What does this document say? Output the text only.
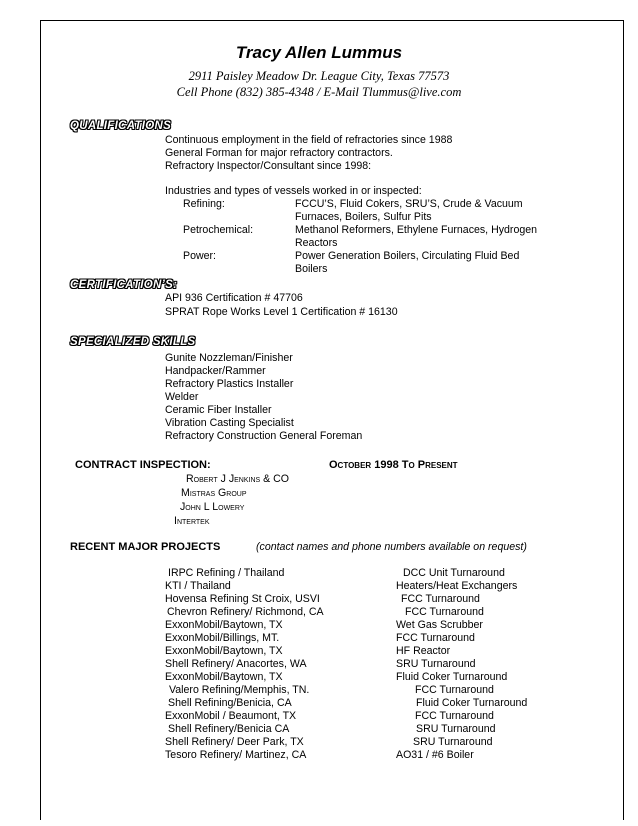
Tracy Allen Lummus
2911 Paisley Meadow Dr. League City, Texas 77573
Cell Phone (832) 385-4348 / E-Mail Tlummus@live.com
QUALIFICATIONS
Continuous employment in the field of refractories since 1988
General Forman for major refractory contractors.
Refractory Inspector/Consultant since 1998:
Industries and types of vessels worked in or inspected:
Refining:	FCCU’S, Fluid Cokers, SRU’S, Crude & Vacuum
Furnaces, Boilers, Sulfur Pits
Petrochemical:	Methanol Reformers, Ethylene Furnaces, Hydrogen
Reactors
Power:	Power Generation Boilers, Circulating Fluid Bed
Boilers
CERTIFICATION’S:
API 936 Certification # 47706
SPRAT Rope Works Level 1 Certification # 16130
SPECIALIZED SKILLS
Gunite Nozzleman/Finisher
Handpacker/Rammer
Refractory Plastics Installer
Welder
Ceramic Fiber Installer
Vibration Casting Specialist
Refractory Construction General Foreman
CONTRACT INSPECTION:	October 1998 To Present
Robert J Jenkins & CO
Mistras Group
John L Lowery
Intertek
RECENT MAJOR PROJECTS	(contact names and phone numbers available on request)
IRPC Refining / Thailand	DCC Unit Turnaround
KTI / Thailand	Heaters/Heat Exchangers
Hovensa Refining St Croix, USVI	FCC Turnaround
Chevron Refinery/ Richmond, CA	FCC Turnaround
ExxonMobil/Baytown, TX	Wet Gas Scrubber
ExxonMobil/Billings, MT.	FCC Turnaround
ExxonMobil/Baytown, TX	HF Reactor
Shell Refinery/ Anacortes, WA	SRU Turnaround
ExxonMobil/Baytown, TX	Fluid Coker Turnaround
Valero Refining/Memphis, TN.	FCC Turnaround
Shell Refining/Benicia, CA	Fluid Coker Turnaround
ExxonMobil / Beaumont, TX	FCC Turnaround
Shell Refinery/Benicia CA	SRU Turnaround
Shell Refinery/ Deer Park, TX	SRU Turnaround
Tesoro Refinery/ Martinez, CA	AO31 / #6 Boiler
